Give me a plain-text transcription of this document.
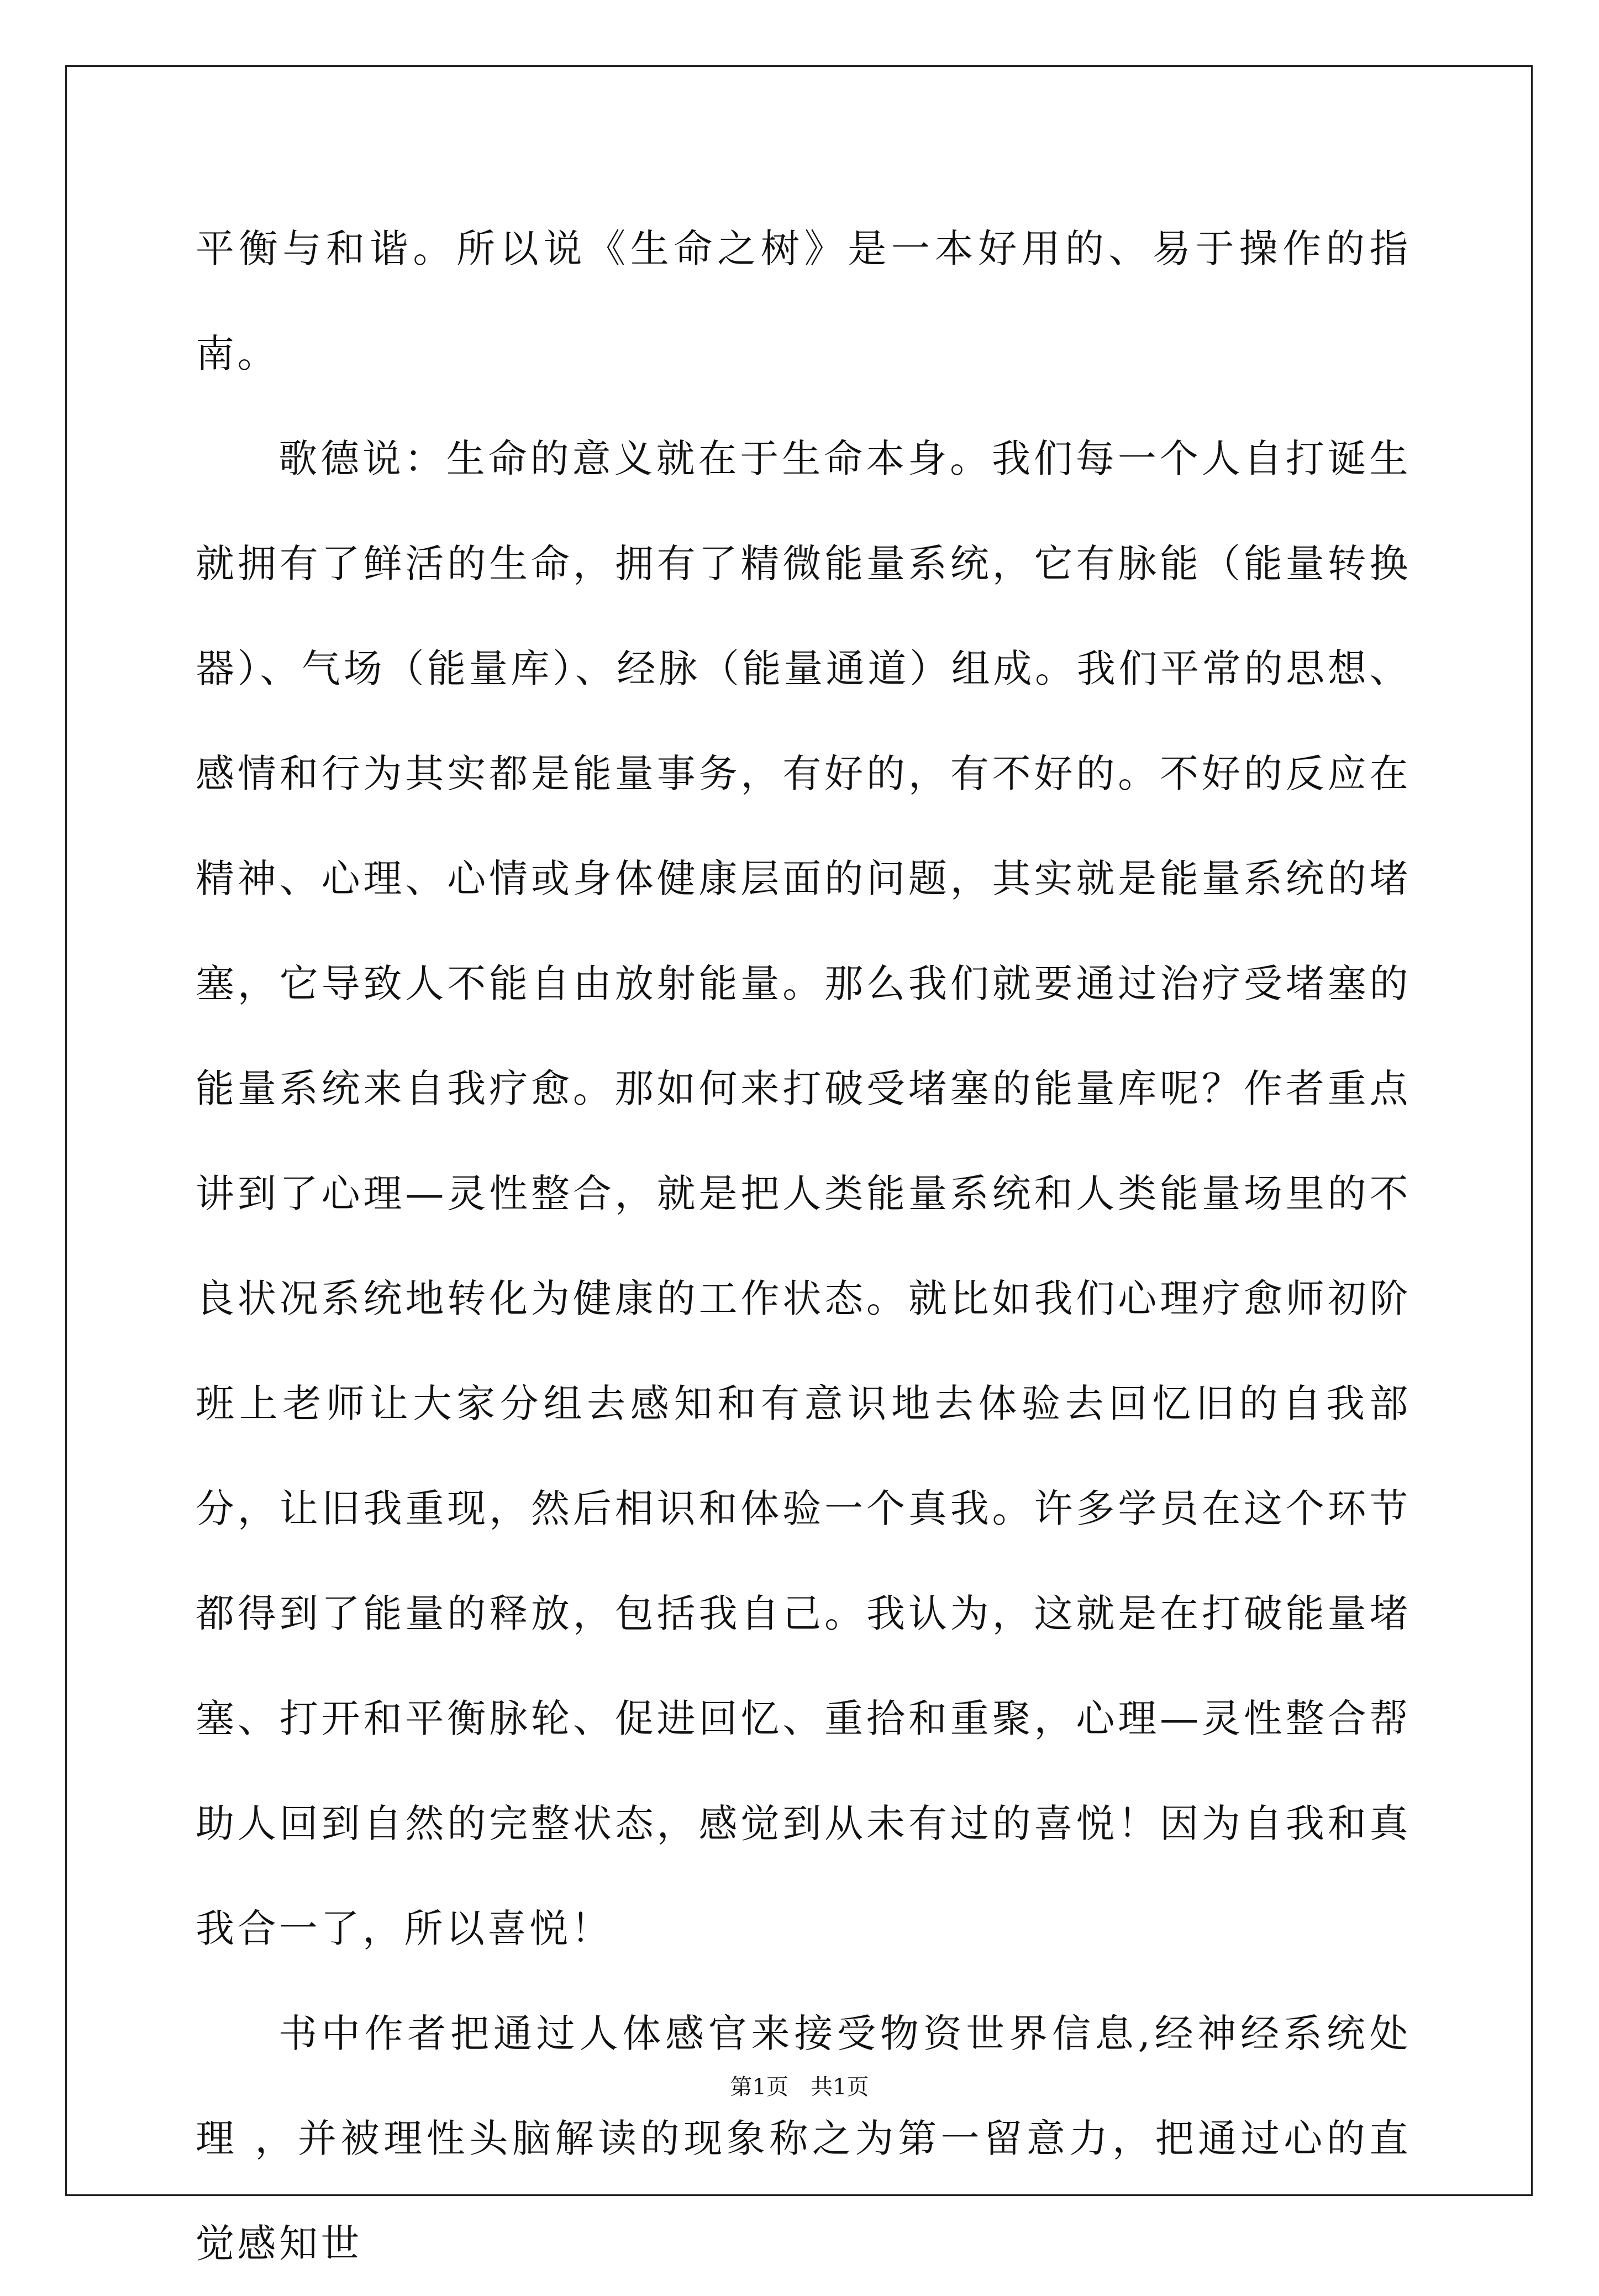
平衡与和谐。所以说《生命之树》是一本好用的、易于操作的指南。

歌德说：生命的意义就在于生命本身。我们每一个人自打诞生就拥有了鲜活的生命，拥有了精微能量系统，它有脉能（能量转换器）、气场（能量库）、经脉（能量通道）组成。我们平常的思想、感情和行为其实都是能量事务，有好的，有不好的。不好的反应在精神、心理、心情或身体健康层面的问题，其实就是能量系统的堵塞，它导致人不能自由放射能量。那么我们就要通过治疗受堵塞的能量系统来自我疗愈。那如何来打破受堵塞的能量库呢？作者重点讲到了心理—灵性整合，就是把人类能量系统和人类能量场里的不良状况系统地转化为健康的工作状态。就比如我们心理疗愈师初阶班上老师让大家分组去感知和有意识地去体验去回忆旧的自我部分，让旧我重现，然后相识和体验一个真我。许多学员在这个环节都得到了能量的释放，包括我自己。我认为，这就是在打破能量堵塞、打开和平衡脉轮、促进回忆、重拾和重聚，心理—灵性整合帮助人回到自然的完整状态，感觉到从未有过的喜悦！因为自我和真我合一了，所以喜悦！

书中作者把通过人体感官来接受物资世界信息,经神经系统处理 ，并被理性头脑解读的现象称之为第一留意力，把通过心的直觉感知世

第1页　共1页
